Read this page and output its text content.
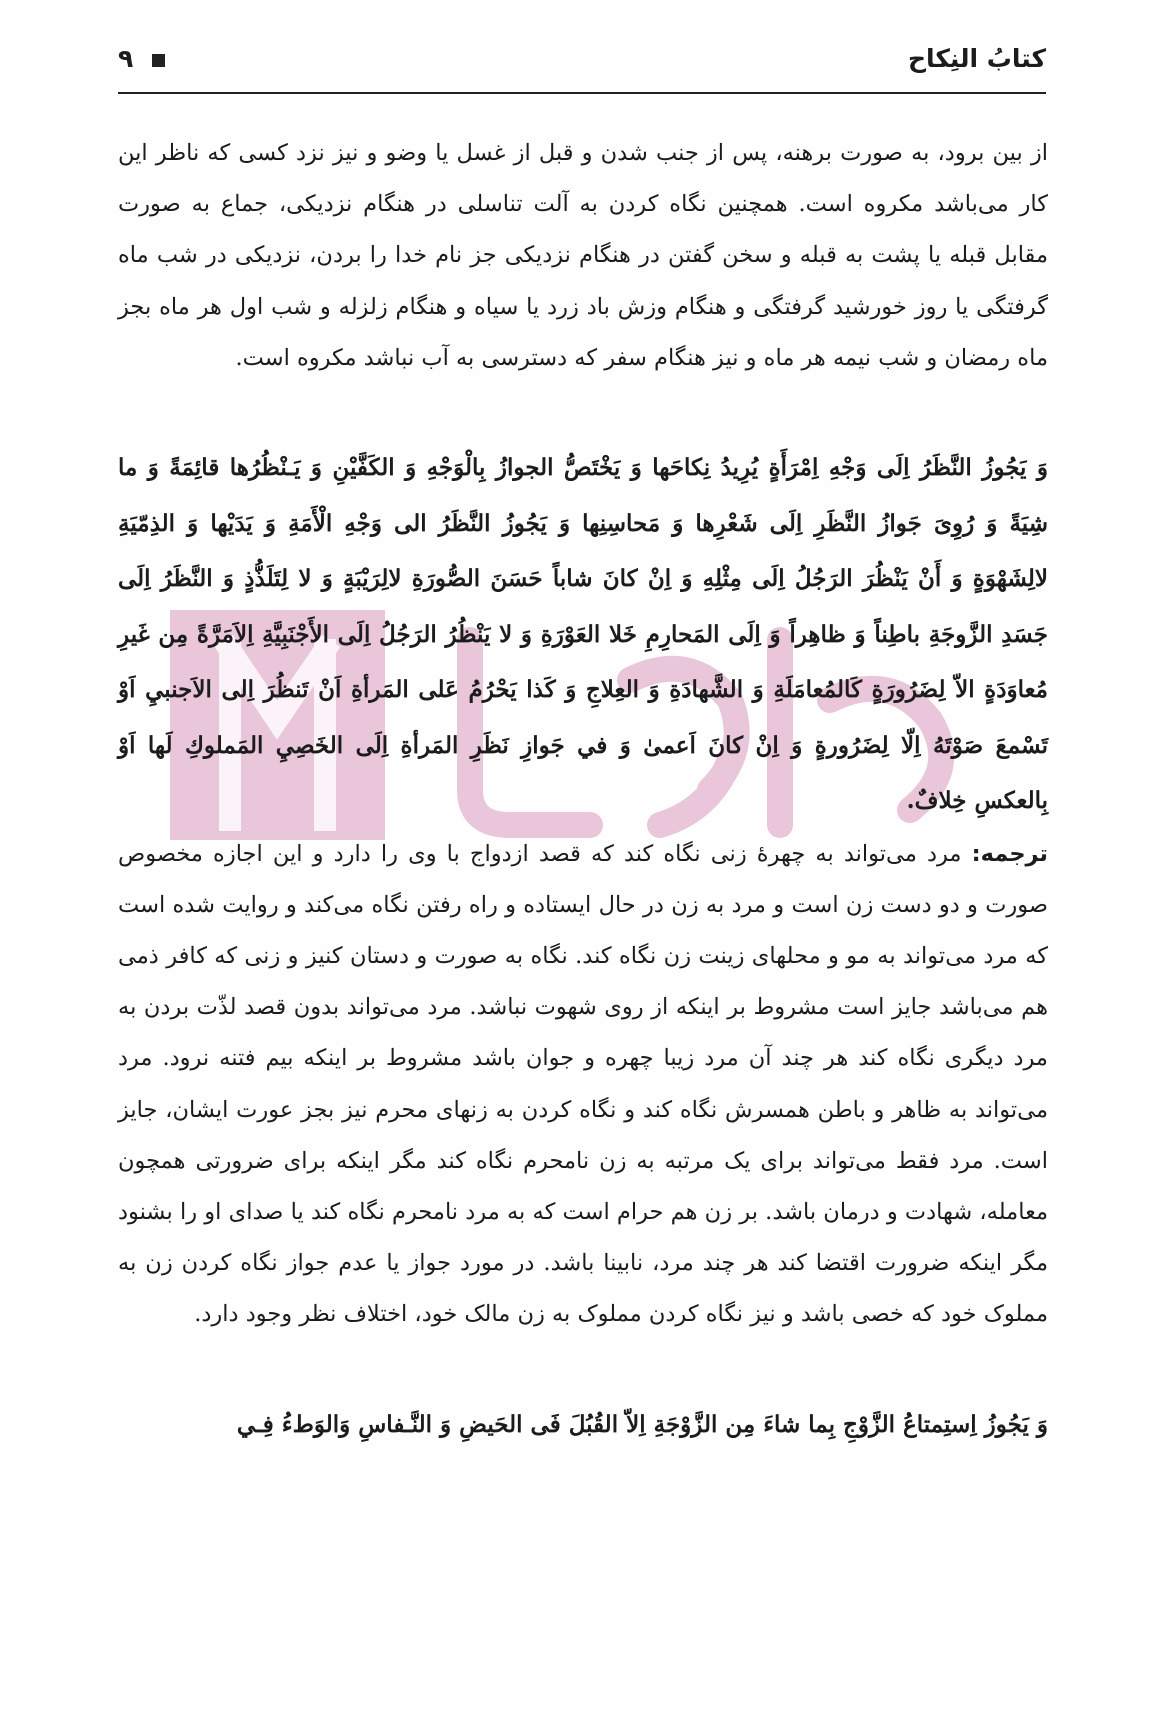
كتابُ النِكاح
۹

از بین برود، به صورت برهنه، پس از جنب شدن و قبل از غسل یا وضو و نیز نزد کسی که ناظر این کار می‌باشد مکروه است. همچنین نگاه کردن به آلت تناسلی در هنگام نزدیکی، جماع به صورت مقابل قبله یا پشت به قبله و سخن گفتن در هنگام نزدیکی جز نام خدا را بردن، نزدیکی در شب ماه گرفتگی یا روز خورشید گرفتگی و هنگام وزش باد زرد یا سیاه و هنگام زلزله و شب اول هر ماه بجز ماه رمضان و شب نیمه هر ماه و نیز هنگام سفر که دسترسی به آب نباشد مکروه است.

وَ يَجُوزُ النَّظَرُ اِلَى وَجْهِ اِمْرَأَةٍ يُرِيدُ نِكاحَها وَ يَخْتَصُّ الجوازُ بِالْوَجْهِ وَ الكَفَّيْنِ وَ يَـنْظُرُها قائِمَةً وَ ما شِيَةً وَ رُوِىَ جَوازُ النَّظَرِ اِلَى شَعْرِها وَ مَحاسِنِها وَ يَجُوزُ النَّظَرُ الى وَجْهِ الْأَمَةِ وَ يَدَيْها وَ الذِمّيَةِ لالِشَهْوَةٍ وَ أَنْ يَنْظُرَ الرَجُلُ اِلَى مِثْلِهِ وَ اِنْ كانَ شاباً حَسَنَ الصُّورَةِ لالِرَيْبَةٍ وَ لا لِتَلَذُّذٍ وَ النَّظَرُ اِلَى جَسَدِ الزَّوجَةِ باطِناً وَ ظاهِراً وَ اِلَى المَحارِمِ خَلا العَوْرَةِ وَ لا يَنْظُرُ الرَجُلُ اِلَى الأَجْنَبِيَّةِ اِلاَمَرَّةً مِن غَيرِ مُعاوَدَةٍ الاّ لِضَرُورَةٍ كَالمُعامَلَةِ وَ الشَّهادَةِ وَ العِلاجِ وَ كَذا يَحْرُمُ عَلى المَرأةِ اَنْ تَنظُرَ اِلى الاَجنبيِ اَوْ تَسْمعَ صَوْتَهُ اِلّا لِضَرُورةٍ وَ اِنْ كانَ اَعمىٰ وَ في جَوازِ نَظَرِ المَرأةِ اِلَى الخَصِيِ المَملوكِ لَها اَوْ بِالعكسِ خِلافٌ.

ترجمه: مرد می‌تواند به چهرهٔ زنی نگاه کند که قصد ازدواج با وی را دارد و این اجازه مخصوص صورت و دو دست زن است و مرد به زن در حال ایستاده و راه رفتن نگاه می‌کند و روایت شده است که مرد می‌تواند به مو و محلهای زینت زن نگاه کند. نگاه به صورت و دستان کنیز و زنی که کافر ذمی هم می‌باشد جایز است مشروط بر اینکه از روی شهوت نباشد. مرد می‌تواند بدون قصد لذّت بردن به مرد دیگری نگاه کند هر چند آن مرد زیبا چهره و جوان باشد مشروط بر اینکه بیم فتنه نرود. مرد می‌تواند به ظاهر و باطن همسرش نگاه کند و نگاه کردن به زنهای محرم نیز بجز عورت ایشان، جایز است. مرد فقط می‌تواند برای یک مرتبه به زن نامحرم نگاه کند مگر اینکه برای ضرورتی همچون معامله، شهادت و درمان باشد. بر زن هم حرام است که به مرد نامحرم نگاه کند یا صدای او را بشنود مگر اینکه ضرورت اقتضا کند هر چند مرد، نابینا باشد. در مورد جواز یا عدم جواز نگاه کردن زن به مملوک خود که خصی باشد و نیز نگاه کردن مملوک به زن مالک خود، اختلاف نظر وجود دارد.

وَ يَجُوزُ اِستِمتاعُ الزَّوْجِ بِما شاءَ مِن الزَّوْجَةِ اِلاّ القُبُلَ فَى الحَيضِ وَ النَّـفاسِ وَالوَطءُ فِـي
